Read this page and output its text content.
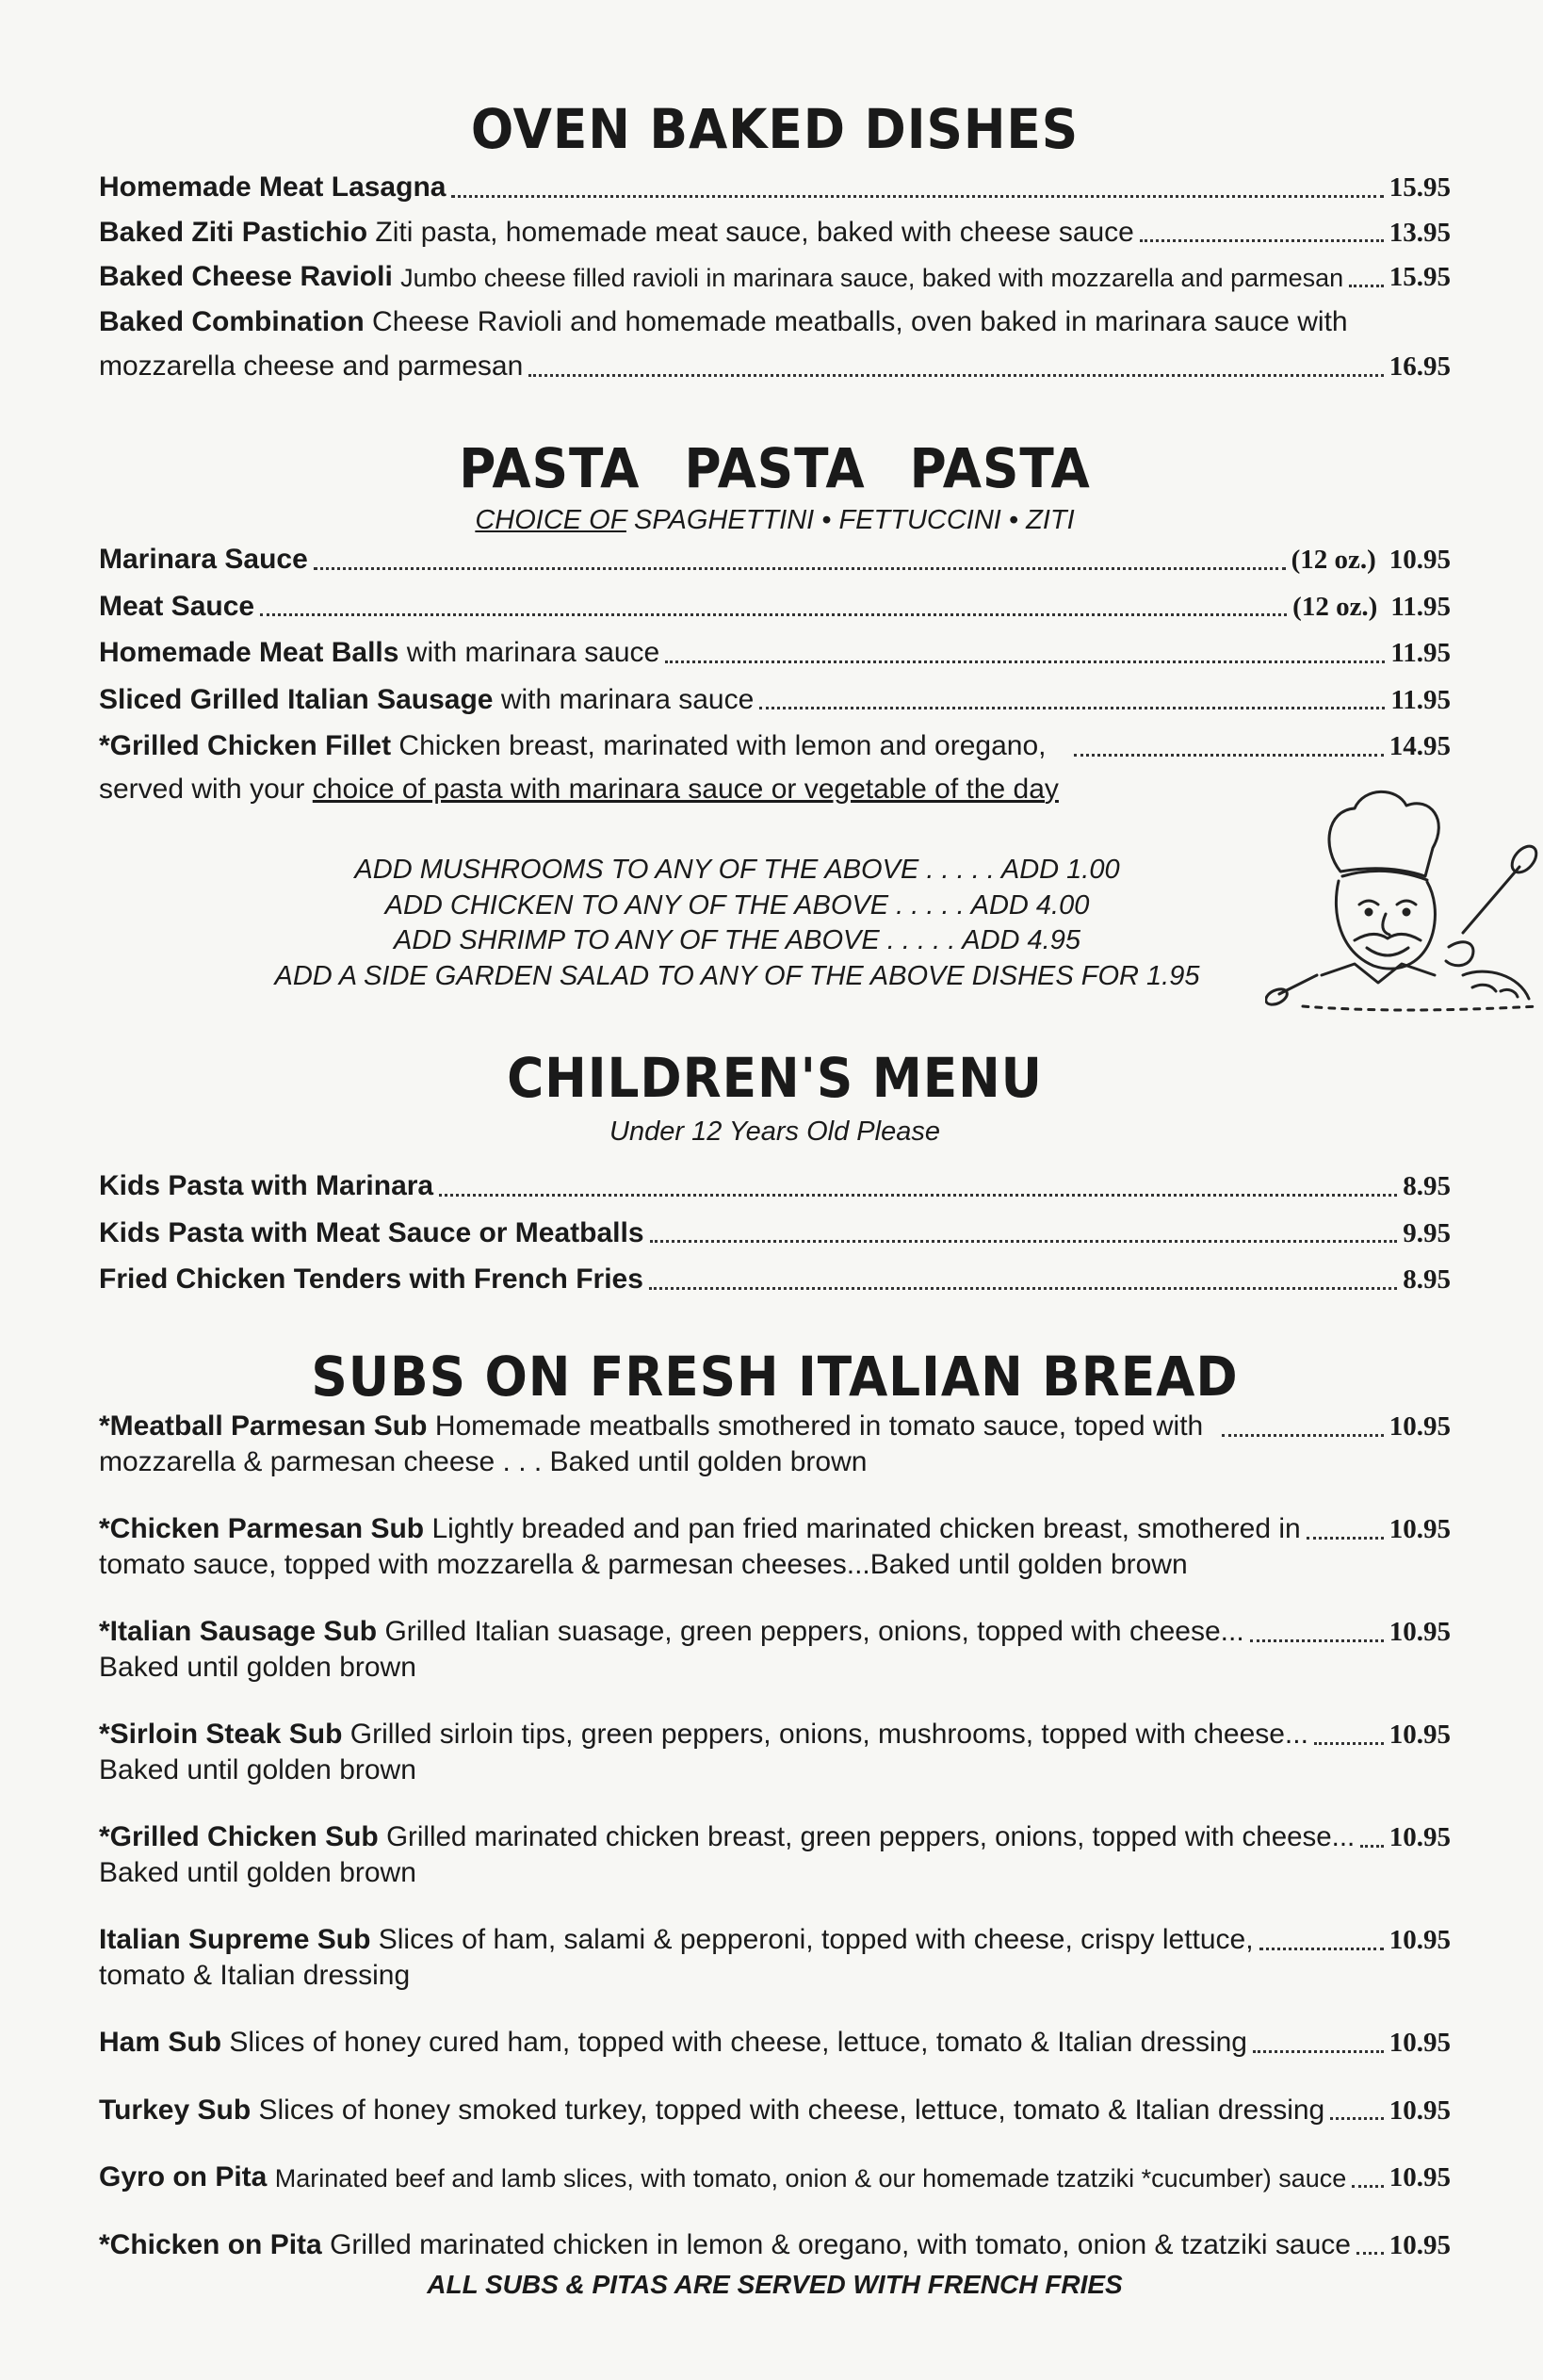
OVEN BAKED DISHES
Homemade Meat Lasagna	15.95
Baked Ziti Pastichio
Ziti pasta, homemade meat sauce, baked with cheese sauce	13.95
Baked Cheese Ravioli
Jumbo cheese filled ravioli in marinara sauce, baked with mozzarella and parmesan 15.95
Baked Combination
Cheese Ravioli and homemade meatballs, oven baked in marinara sauce with
mozzarella cheese and parmesan	16.95
PASTA PASTA PASTA
CHOICE OF SPAGHETTINI • FETTUCCINI • ZITI
Marinara Sauce	(12 oz.) 10.95
Meat Sauce	(12 oz.) 11.95
Homemade Meat Balls
with marinara sauce	11.95
Sliced Grilled Italian Sausage
with marinara sauce	11.95
*Grilled Chicken Fillet
Chicken breast, marinated with lemon and oregano,	14.95
served with your choice of pasta with marinara sauce or vegetable of the day
ADD MUSHROOMS TO ANY OF THE ABOVE . . . . . ADD 1.00
ADD CHICKEN TO ANY OF THE ABOVE . . . . . ADD 4.00
ADD SHRIMP TO ANY OF THE ABOVE . . . . . ADD 4.95
ADD A SIDE GARDEN SALAD TO ANY OF THE ABOVE DISHES FOR 1.95
CHILDREN'S MENU
Under 12 Years Old Please
Kids Pasta with Marinara	8.95
Kids Pasta with Meat Sauce or Meatballs	9.95
Fried Chicken Tenders with French Fries	8.95
SUBS ON FRESH ITALIAN BREAD
*Meatball Parmesan Sub
Homemade meatballs smothered in tomato sauce, toped with	10.95
mozzarella & parmesan cheese . . . Baked until golden brown
*Chicken Parmesan Sub
Lightly breaded and pan fried marinated chicken breast, smothered in	10.95
tomato sauce, topped with mozzarella & parmesan cheeses...Baked until golden brown
*Italian Sausage Sub
Grilled Italian suasage, green peppers, onions, topped with cheese...	10.95
Baked until golden brown
*Sirloin Steak Sub
Grilled sirloin tips, green peppers, onions, mushrooms, topped with cheese...	10.95
Baked until golden brown
*Grilled Chicken Sub
Grilled marinated chicken breast, green peppers, onions, topped with cheese... 10.95
Baked until golden brown
Italian Supreme Sub
Slices of ham, salami & pepperoni, topped with cheese, crispy lettuce,	10.95
tomato & Italian dressing
Ham Sub
Slices of honey cured ham, topped with cheese, lettuce, tomato & Italian dressing	10.95
Turkey Sub
Slices of honey smoked turkey, topped with cheese, lettuce, tomato & Italian dressing 10.95
Gyro on Pita
Marinated beef and lamb slices, with tomato, onion & our homemade tzatziki *cucumber) sauce 10.95
*Chicken on Pita
Grilled marinated chicken in lemon & oregano, with tomato, onion & tzatziki sauce 10.95
ALL SUBS & PITAS ARE SERVED WITH FRENCH FRIES
